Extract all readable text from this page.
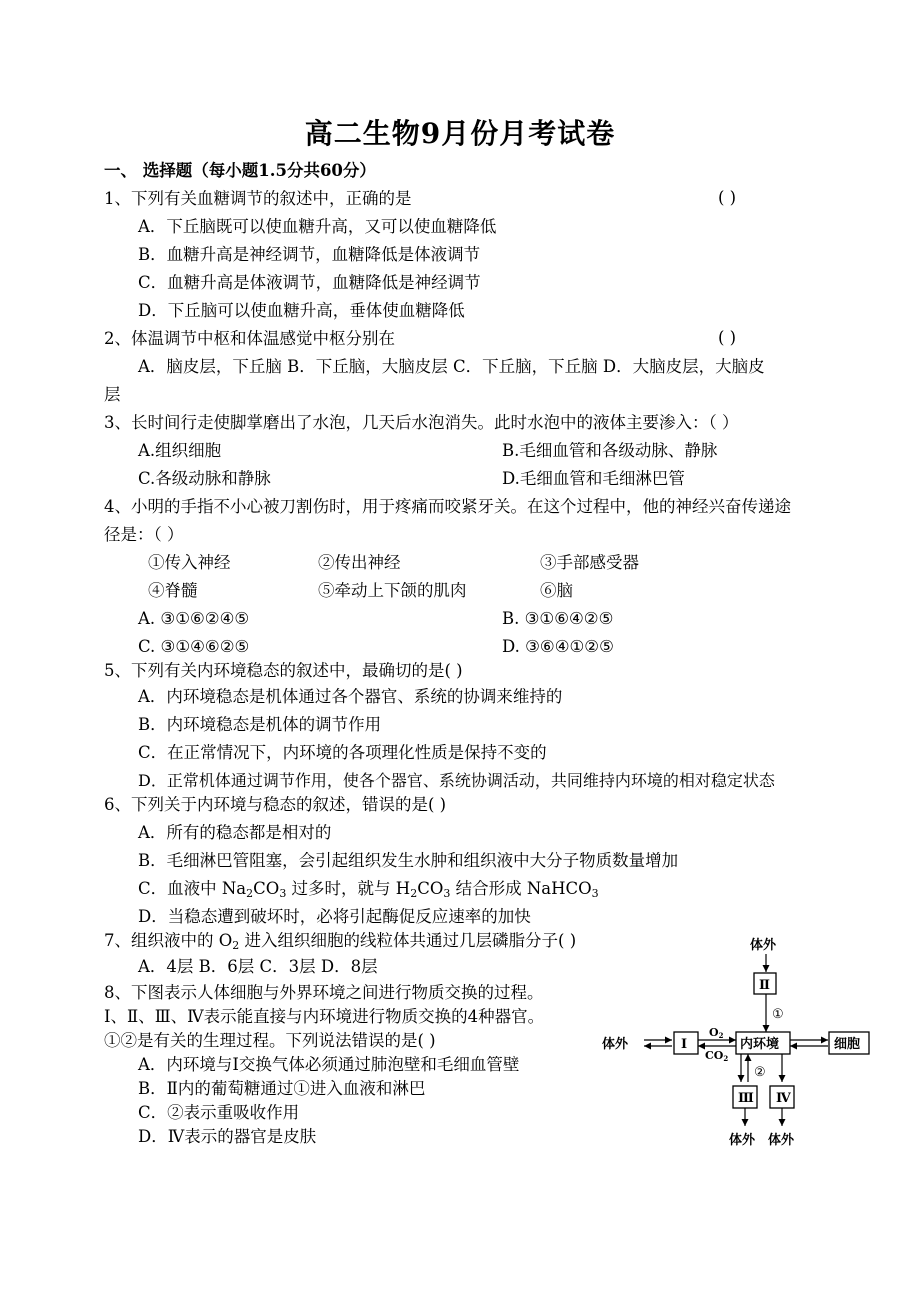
高二生物9月份月考试卷
一、 选择题（每小题1.5分共60分）
1、下列有关血糖调节的叙述中，正确的是	( )
A．下丘脑既可以使血糖升高，又可以使血糖降低
B．血糖升高是神经调节，血糖降低是体液调节
C．血糖升高是体液调节，血糖降低是神经调节
D．下丘脑可以使血糖升高，垂体使血糖降低
2、体温调节中枢和体温感觉中枢分别在	( )
A．脑皮层，下丘脑 B．下丘脑，大脑皮层 C．下丘脑，下丘脑 D．大脑皮层，大脑皮
层
3、长时间行走使脚掌磨出了水泡，几天后水泡消失。此时水泡中的液体主要渗入：（ ）
A.组织细胞	B.毛细血管和各级动脉、静脉
C.各级动脉和静脉	D.毛细血管和毛细淋巴管
4、小明的手指不小心被刀割伤时，用于疼痛而咬紧牙关。在这个过程中，他的神经兴奋传递途
径是：（ ）
①传入神经	②传出神经	③手部感受器
④脊髓	⑤牵动上下颌的肌肉	⑥脑
A. ③①⑥②④⑤	B. ③①⑥④②⑤
C. ③①④⑥②⑤	D. ③⑥④①②⑤
5、下列有关内环境稳态的叙述中，最确切的是( )
A．内环境稳态是机体通过各个器官、系统的协调来维持的
B．内环境稳态是机体的调节作用
C．在正常情况下，内环境的各项理化性质是保持不变的
D．正常机体通过调节作用，使各个器官、系统协调活动，共同维持内环境的相对稳定状态
6、下列关于内环境与稳态的叙述，错误的是( )
A．所有的稳态都是相对的
B．毛细淋巴管阻塞，会引起组织发生水肿和组织液中大分子物质数量增加
C．血液中 $Na_2CO_3$ 过多时，就与 $H_2CO_3$ 结合形成 NaHCO$_3$
D．当稳态遭到破坏时，必将引起酶促反应速率的加快
7、组织液中的 $O_2$ 进入组织细胞的线粒体共通过几层磷脂分子( )
A．4层 B．6层 C．3层 D．8层
8、下图表示人体细胞与外界环境之间进行物质交换的过程。
Ⅰ、Ⅱ、Ⅲ、Ⅳ表示能直接与内环境进行物质交换的4种器官。
①②是有关的生理过程。下列说法错误的是( )
A．内环境与Ⅰ交换气体必须通过肺泡壁和毛细血管壁
B．Ⅱ内的葡萄糖通过①进入血液和淋巴
C．②表示重吸收作用
D．Ⅳ表示的器官是皮肤
体外
Ⅱ
①
体外	Ⅰ	内环境	细胞
②
Ⅲ Ⅳ
体外 体外
O2
CO2
